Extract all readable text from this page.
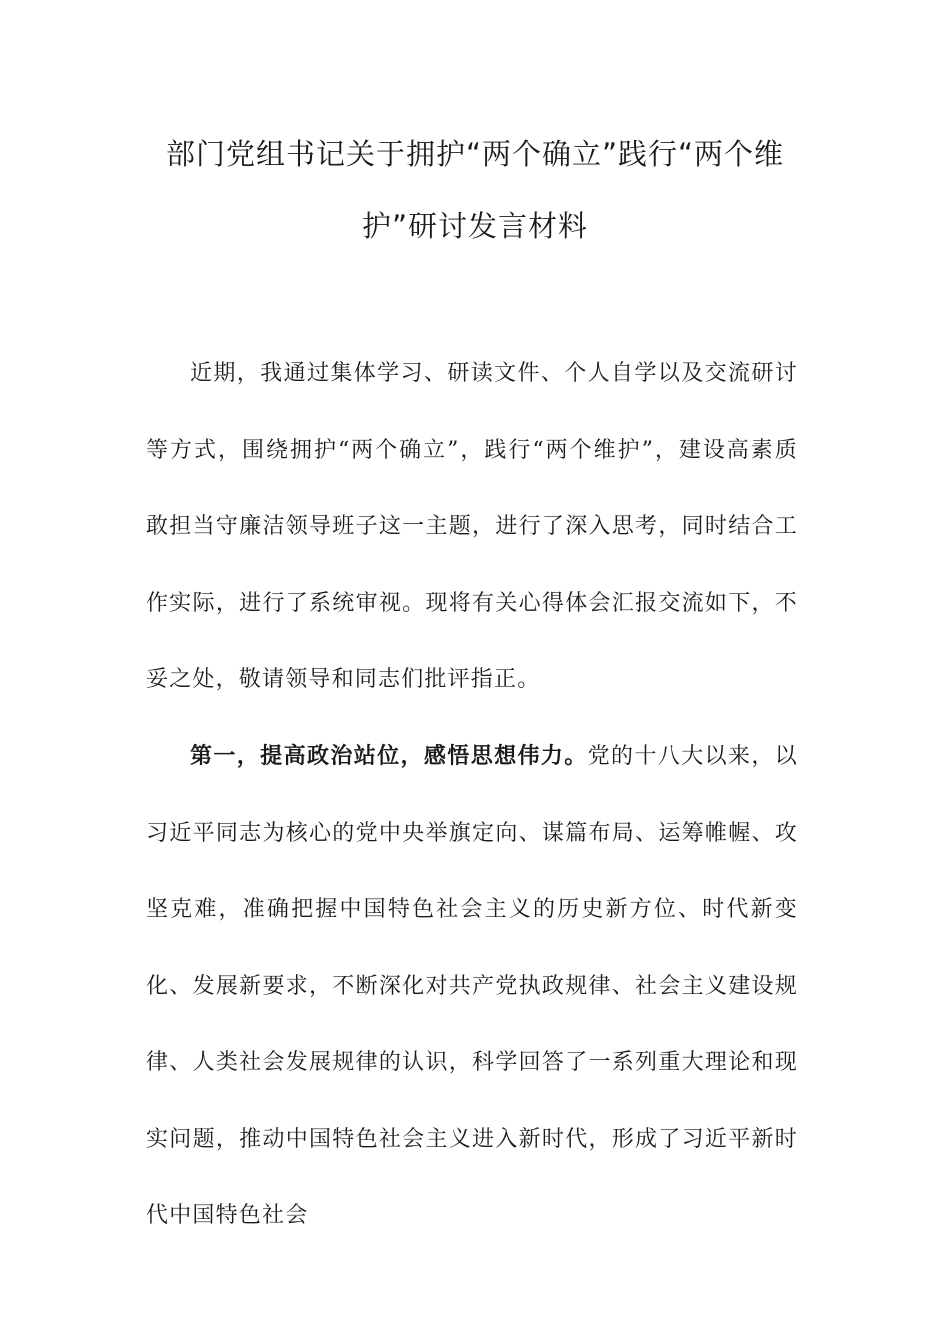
部门党组书记关于拥护“两个确立”践行“两个维护”研讨发言材料

近期，我通过集体学习、研读文件、个人自学以及交流研讨等方式，围绕拥护“两个确立”，践行“两个维护”，建设高素质敢担当守廉洁领导班子这一主题，进行了深入思考，同时结合工作实际，进行了系统审视。现将有关心得体会汇报交流如下，不妥之处，敬请领导和同志们批评指正。

第一，提高政治站位，感悟思想伟力。党的十八大以来，以习近平同志为核心的党中央举旗定向、谋篇布局、运筹帷幄、攻坚克难，准确把握中国特色社会主义的历史新方位、时代新变化、发展新要求，不断深化对共产党执政规律、社会主义建设规律、人类社会发展规律的认识，科学回答了一系列重大理论和现实问题，推动中国特色社会主义进入新时代，形成了习近平新时代中国特色社会
